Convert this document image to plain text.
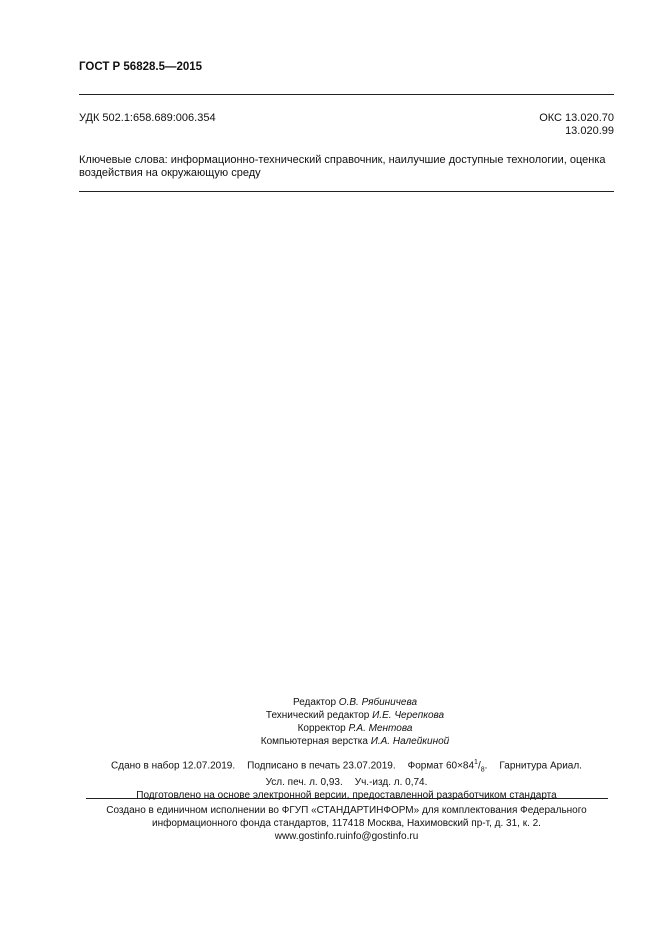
ГОСТ Р 56828.5—2015
УДК 502.1:658.689:006.354	ОКС 13.020.70
13.020.99
Ключевые слова: информационно-технический справочник, наилучшие доступные технологии, оценка
воздействия на окружающую среду
Редактор О.В. Рябиничева
Технический редактор И.Е. Черепкова
Корректор Р.А. Ментова
Компьютерная верстка И.А. Налейкиной
Сдано в набор 12.07.2019. Подписано в печать 23.07.2019. Формат $60\times 84^1/_8$. Гарнитура Ариал.
Усл. печ. л. 0,93. Уч.-изд. л. 0,74.
Подготовлено на основе электронной версии, предоставленной разработчиком стандарта
Создано в единичном исполнении во ФГУП «СТАНДАРТИНФОРМ» для комплектования Федерального
информационного фонда стандартов, 117418 Москва, Нахимовский пр-т, д. 31, к. 2.
www.gostinfo.ruinfo@gostinfo.ru
